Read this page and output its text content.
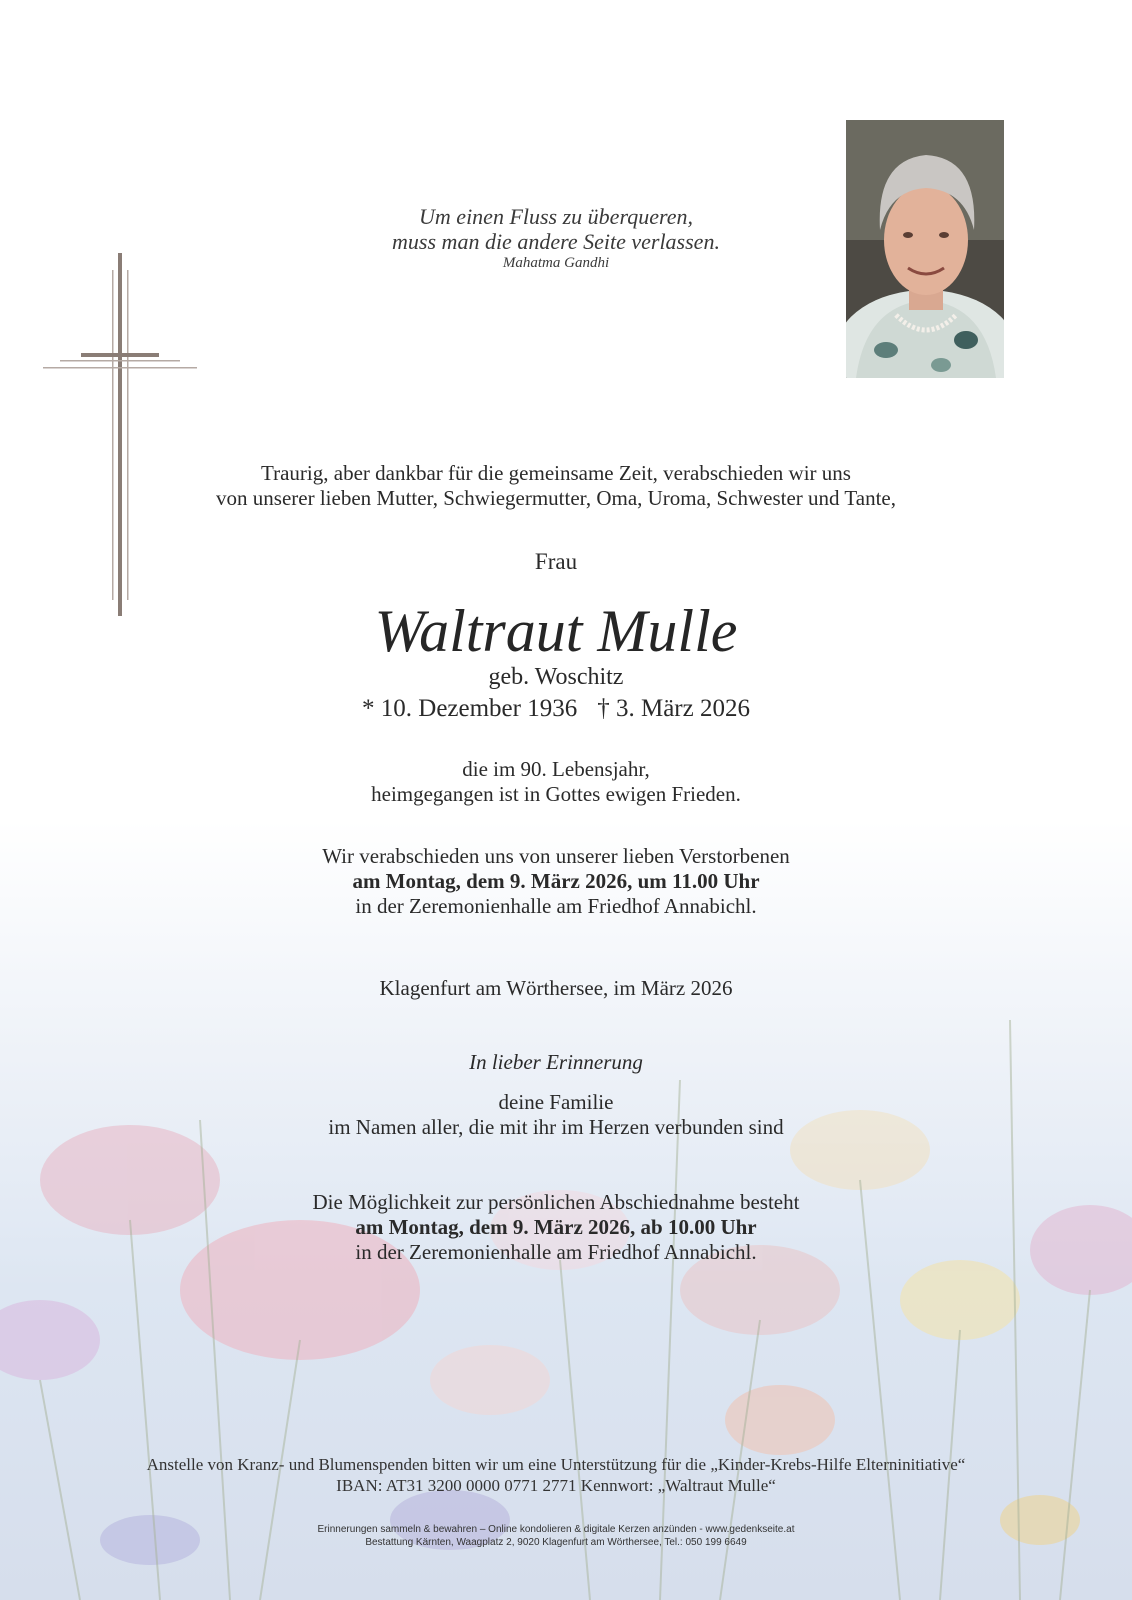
Um einen Fluss zu überqueren,
muss man die andere Seite verlassen.
Mahatma Gandhi
Traurig, aber dankbar für die gemeinsame Zeit, verabschieden wir uns
von unserer lieben Mutter, Schwiegermutter, Oma, Uroma, Schwester und Tante,
Frau
Waltraut Mulle
geb. Woschitz
* 10. Dezember 1936 † 3. März 2026
die im 90. Lebensjahr,
heimgegangen ist in Gottes ewigen Frieden.
Wir verabschieden uns von unserer lieben Verstorbenen
am Montag, dem 9. März 2026, um 11.00 Uhr
in der Zeremonienhalle am Friedhof Annabichl.
Klagenfurt am Wörthersee, im März 2026
In lieber Erinnerung
deine Familie
im Namen aller, die mit ihr im Herzen verbunden sind
Die Möglichkeit zur persönlichen Abschiednahme besteht
am Montag, dem 9. März 2026, ab 10.00 Uhr
in der Zeremonienhalle am Friedhof Annabichl.
Anstelle von Kranz- und Blumenspenden bitten wir um eine Unterstützung für die „Kinder-Krebs-Hilfe Elterninitiative“
IBAN: AT31 3200 0000 0771 2771 Kennwort: „Waltraut Mulle“
Erinnerungen sammeln & bewahren – Online kondolieren & digitale Kerzen anzünden - www.gedenkseite.at
Bestattung Kärnten, Waagplatz 2, 9020 Klagenfurt am Wörthersee, Tel.: 050 199 6649
